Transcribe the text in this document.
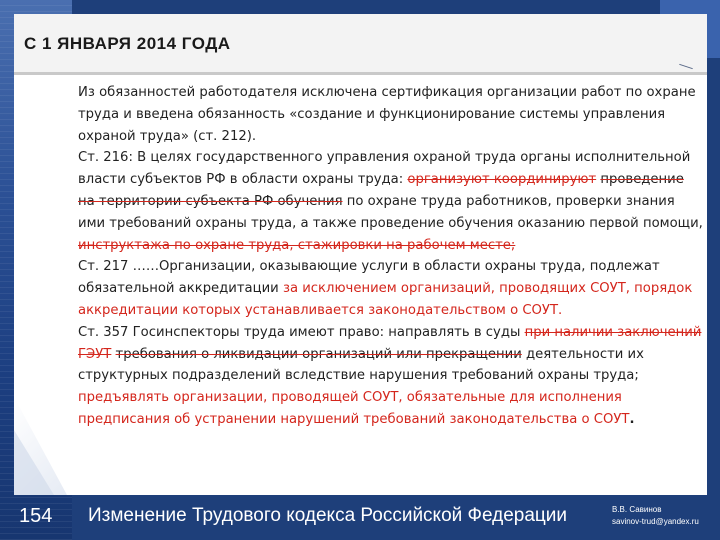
С 1 ЯНВАРЯ 2014 ГОДА

Из обязанностей работодателя исключена сертификация организации работ по охране труда и введена обязанность «создание и функционирование системы управления охраной труда» (ст. 212).

Ст. 216: В целях государственного управления охраной труда органы исполнительной власти субъектов РФ в области охраны труда: организуют координируют проведение на территории субъекта РФ обучения по охране труда работников, проверки знания ими требований охраны труда, а также проведение обучения оказанию первой помощи, инструктажа по охране труда, стажировки на рабочем месте;

Ст. 217 ……Организации, оказывающие услуги в области охраны труда, подлежат обязательной аккредитации за исключением организаций, проводящих СОУТ, порядок аккредитации которых устанавливается законодательством о СОУТ.

Ст. 357 Госинспекторы труда имеют право: направлять в суды при наличии заключений ГЭУТ требования о ликвидации организаций или прекращении деятельности их структурных подразделений вследствие нарушения требований охраны труда;

предъявлять организации, проводящей СОУТ, обязательные для исполнения предписания об устранении нарушений требований законодательства о СОУТ.

154 Изменение Трудового кодекса Российской Федерации	В.В. Савинов
savinov-trud@yandex.ru
